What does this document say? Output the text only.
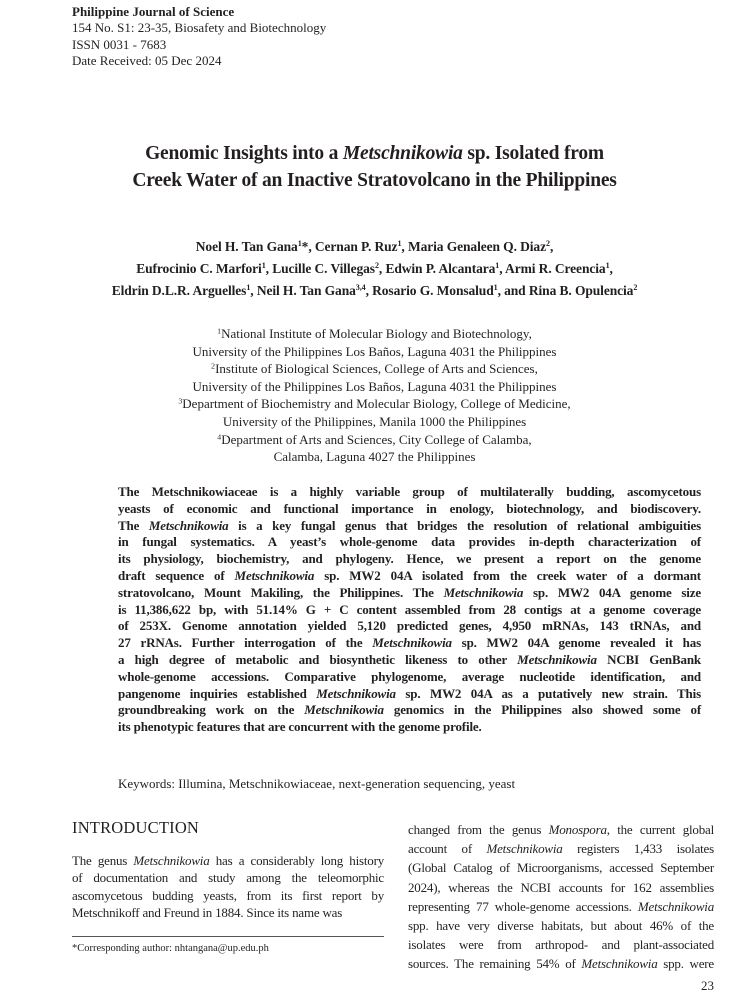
Philippine Journal of Science
154 No. S1: 23-35, Biosafety and Biotechnology
ISSN 0031 - 7683
Date Received: 05 Dec 2024
Genomic Insights into a Metschnikowia sp. Isolated from
Creek Water of an Inactive Stratovolcano in the Philippines
Noel H. Tan Gana$^1$*, Cernan P. Ruz$^1$, Maria Genaleen Q. Diaz$^2$,
Eufrocinio C. Marfori$^1$, Lucille C. Villegas$^2$, Edwin P. Alcantara$^1$, Armi R. Creencia$^1$,
Eldrin D.L.R. Arguelles$^1$, Neil H. Tan Gana$^{3,4}$, Rosario G. Monsalud$^1$, and Rina B. Opulencia$^2$
$^1$National Institute of Molecular Biology and Biotechnology,
University of the Philippines Los Baños, Laguna 4031 the Philippines
$^2$Institute of Biological Sciences, College of Arts and Sciences,
University of the Philippines Los Baños, Laguna 4031 the Philippines
$^3$Department of Biochemistry and Molecular Biology, College of Medicine,
University of the Philippines, Manila 1000 the Philippines
$^4$Department of Arts and Sciences, City College of Calamba,
Calamba, Laguna 4027 the Philippines
The Metschnikowiaceae is a highly variable group of multilaterally budding, ascomycetous
yeasts of economic and functional importance in enology, biotechnology, and biodiscovery.
The Metschnikowia is a key fungal genus that bridges the resolution of relational ambiguities
in fungal systematics. A yeast’s whole-genome data provides in-depth characterization of
its physiology, biochemistry, and phylogeny. Hence, we present a report on the genome
draft sequence of Metschnikowia sp. MW2 04A isolated from the creek water of a dormant
stratovolcano, Mount Makiling, the Philippines. The Metschnikowia sp. MW2 04A genome size
is 11,386,622 bp, with 51.14% G + C content assembled from 28 contigs at a genome coverage
of 253X. Genome annotation yielded 5,120 predicted genes, 4,950 mRNAs, 143 tRNAs, and
27 rRNAs. Further interrogation of the Metschnikowia sp. MW2 04A genome revealed it has
a high degree of metabolic and biosynthetic likeness to other Metschnikowia NCBI GenBank
whole-genome accessions. Comparative phylogenome, average nucleotide identification, and
pangenome inquiries established Metschnikowia sp. MW2 04A as a putatively new strain. This
groundbreaking work on the Metschnikowia genomics in the Philippines also showed some of
its phenotypic features that are concurrent with the genome profile.
Keywords: Illumina, Metschnikowiaceae, next-generation sequencing, yeast
INTRODUCTION
The genus Metschnikowia has a considerably long history
of documentation and study among the teleomorphic
ascomycetous budding yeasts, from its first report by
Metschnikoff and Freund in 1884. Since its name was
*Corresponding author: nhtangana@up.edu.ph
changed from the genus Monospora, the current global
account of Metschnikowia registers 1,433 isolates
(Global Catalog of Microorganisms, accessed September
2024), whereas the NCBI accounts for 162 assemblies
representing 77 whole-genome accessions. Metschnikowia
spp. have very diverse habitats, but about 46% of the
isolates were from arthropod- and plant-associated
sources. The remaining 54% of Metschnikowia spp. were
23
